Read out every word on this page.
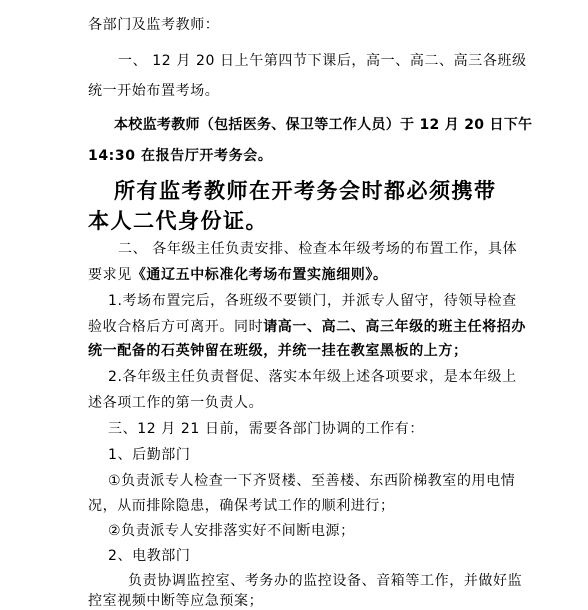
各部门及监考教师：
一、 12 月 20 日上午第四节下课后，高一、高二、高三各班级
统一开始布置考场。
本校监考教师（包括医务、保卫等工作人员）于 12 月 20 日下午
14:30 在报告厅开考务会。
所有监考教师在开考务会时都必须携带
本人二代身份证。
二、 各年级主任负责安排、检查本年级考场的布置工作，具体
要求见《通辽五中标准化考场布置实施细则》。
1.考场布置完后，各班级不要锁门，并派专人留守，待领导检查
验收合格后方可离开。同时请高一、高二、高三年级的班主任将招办
统一配备的石英钟留在班级，并统一挂在教室黑板的上方；
2.各年级主任负责督促、落实本年级上述各项要求，是本年级上
述各项工作的第一负责人。
三、12 月 21 日前，需要各部门协调的工作有：
1、后勤部门
①负责派专人检查一下齐贤楼、至善楼、东西阶梯教室的用电情
况，从而排除隐患，确保考试工作的顺利进行；
②负责派专人安排落实好不间断电源；
2、电教部门
负责协调监控室、考务办的监控设备、音箱等工作，并做好监
控室视频中断等应急预案；
